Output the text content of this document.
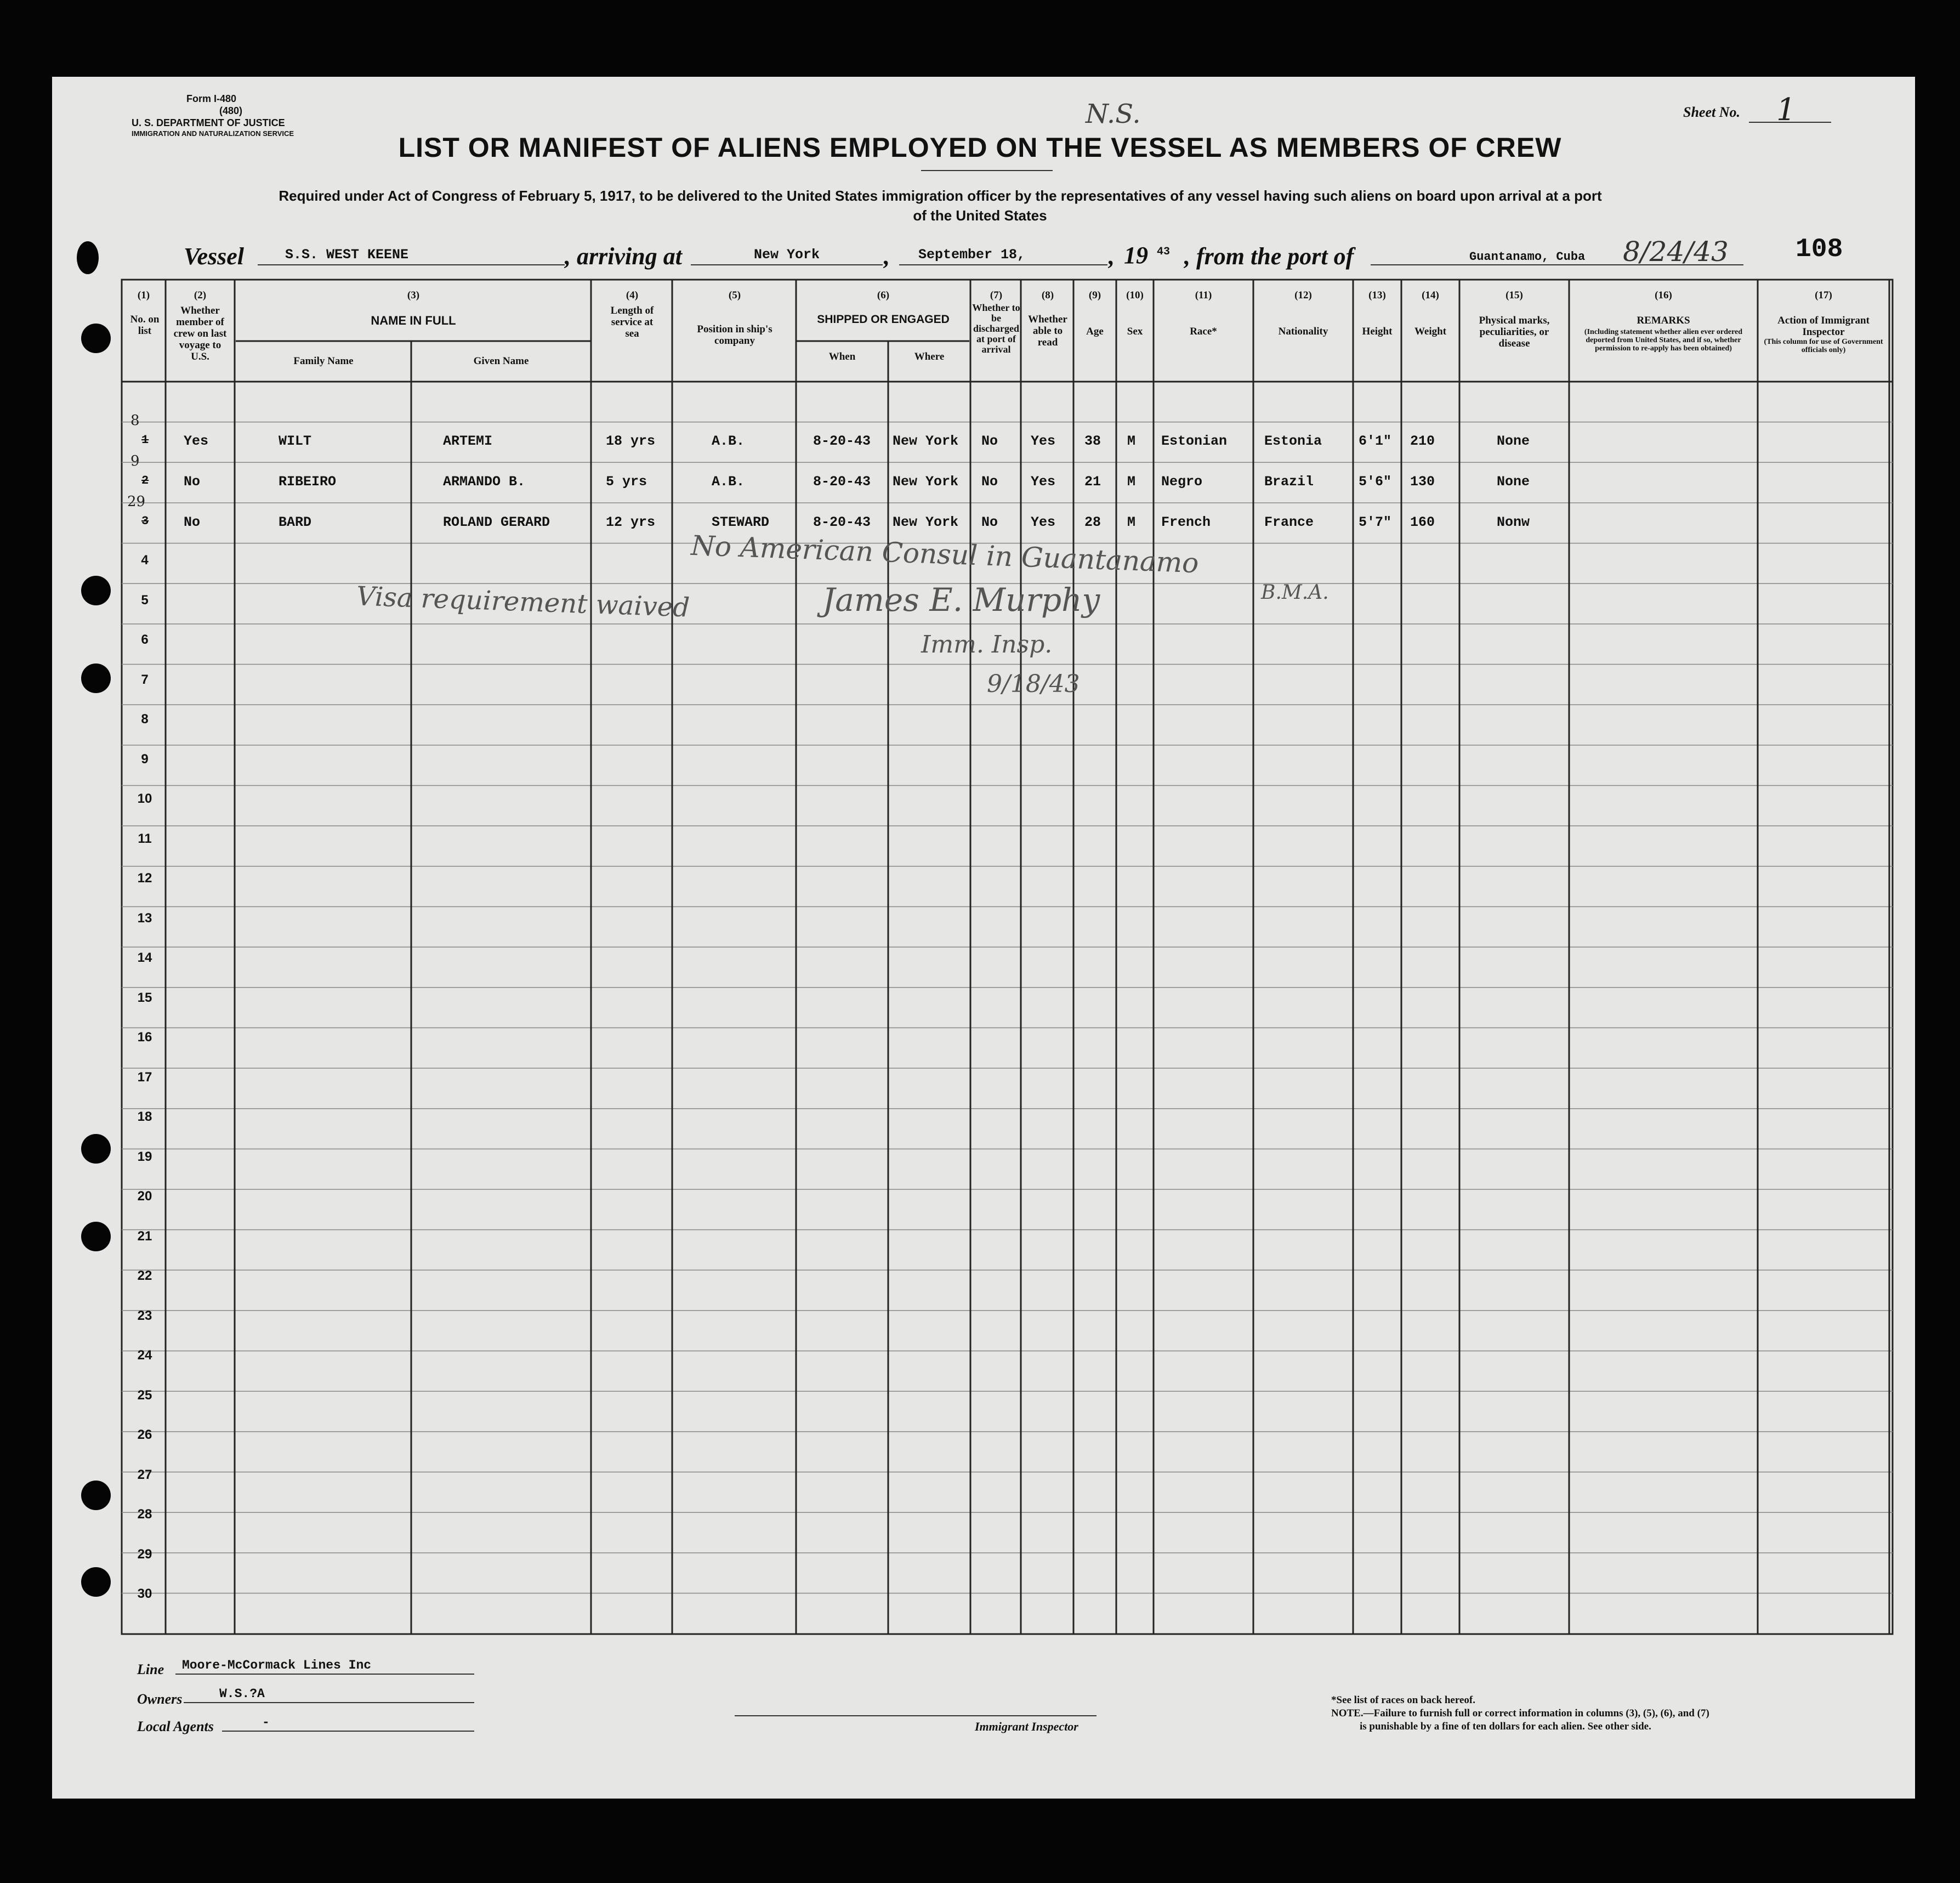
Form I-480
(480)
U. S. DEPARTMENT OF JUSTICE
IMMIGRATION AND NATURALIZATION SERVICE
N.S.	Sheet No. 1
LIST OR MANIFEST OF ALIENS EMPLOYED ON THE VESSEL AS MEMBERS OF CREW
Required under Act of Congress of February 5, 1917, to be delivered to the United States immigration officer by the representatives of any vessel having such aliens on board upon arrival at a port
of the United States
Vessel	S.S. WEST KEENE	, arriving at	New York	, September 18,	, 19 43 , from the port of	Guantanamo, Cuba 8/24/43	108
(1)
No. on list
(2)
Whether member of crew on last voyage to U.S.
(3)
NAME IN FULL
Family Name	Given Name
(4)
Length of service at sea
(5)
Position in ship's company
(6)
SHIPPED OR ENGAGED
When	Where
(7)
Whether to be discharged at port of arrival
(8)
Whether able to read
(9)
Age
(10)
Sex
(11)
Race*
(12)
Nationality
(13)
Height
(14)
Weight
(15)
Physical marks, peculiarities, or disease
(16)
REMARKS
(Including statement whether alien ever ordered deported from United States, and if so, whether permission to re-apply has been obtained)
(17)
Action of Immigrant Inspector
(This column for use of Government officials only)
8
1	Yes	WILT	ARTEMI	18 yrs	A.B.	8-20-43 New York No Yes 38 M Estonian	Estonia	6'1" 210	None
9
2	No	RIBEIRO	ARMANDO B.	5 yrs	A.B.	8-20-43 New York No Yes 21 M Negro	Brazil	5'6" 130	None
29
3	No	BARD	ROLAND GERARD	12 yrs	STEWARD	8-20-43 New York No Yes 28 M French	France	5'7" 160	Nonw
4
5
6
7
8
9
10
11
12
13
14
15
16
17
18
19
20
21
22
23
24
25
26
27
28
29
30
No American Consul in Guantanamo
B.M.A.
Visa requirement waived	James E. Murphy
Imm. Insp.
9/18/43
Line Moore-McCormack Lines Inc
Owners	W.S.?A
Local Agents	-	Immigrant Inspector
*See list of races on back hereof.
NOTE.—Failure to furnish full or correct information in columns (3), (5), (6), and (7)
is punishable by a fine of ten dollars for each alien. See other side.
